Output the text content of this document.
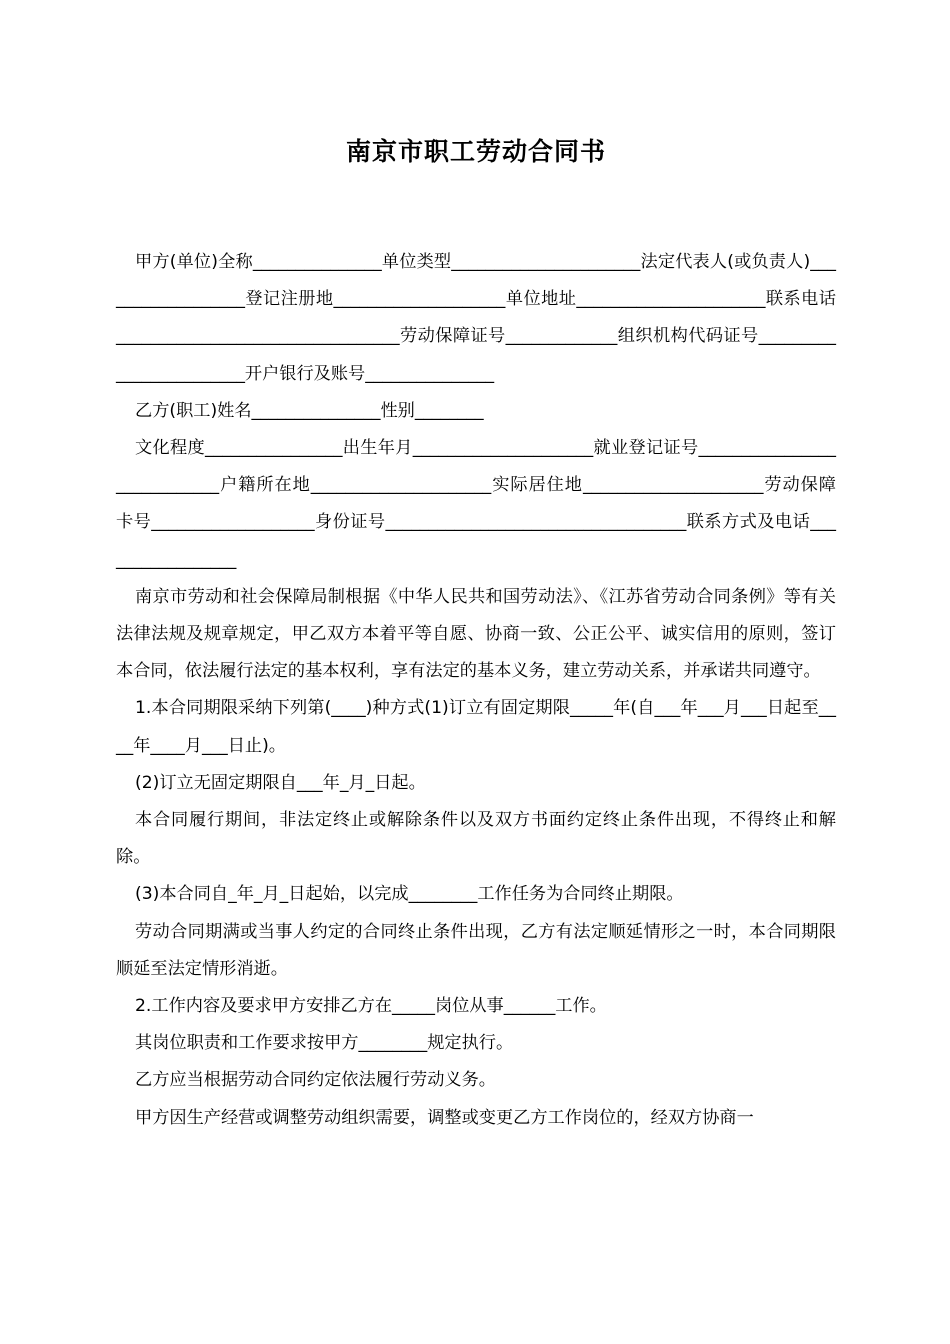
南京市职工劳动合同书

甲方(单位)全称_______________单位类型______________________法定代表人(或负责人)__________________登记注册地____________________单位地址______________________联系电话_________________________________劳动保障证号_____________组织机构代码证号________________________开户银行及账号_______________

乙方(职工)姓名_______________性别________

文化程度________________出生年月_____________________就业登记证号____________________________户籍所在地_____________________实际居住地_____________________劳动保障卡号___________________身份证号___________________________________联系方式及电话_________________

南京市劳动和社会保障局制根据《中华人民共和国劳动法》、《江苏省劳动合同条例》等有关法律法规及规章规定，甲乙双方本着平等自愿、协商一致、公正公平、诚实信用的原则，签订本合同，依法履行法定的基本权利，享有法定的基本义务，建立劳动关系，并承诺共同遵守。

1.本合同期限采纳下列第(____)种方式(1)订立有固定期限_____年(自___年___月___日起至____年____月___日止)。

(2)订立无固定期限自___年_月_日起。

本合同履行期间，非法定终止或解除条件以及双方书面约定终止条件出现，不得终止和解除。

(3)本合同自_年_月_日起始，以完成________工作任务为合同终止期限。

劳动合同期满或当事人约定的合同终止条件出现，乙方有法定顺延情形之一时，本合同期限顺延至法定情形消逝。

2.工作内容及要求甲方安排乙方在_____岗位从事______工作。

其岗位职责和工作要求按甲方________规定执行。

乙方应当根据劳动合同约定依法履行劳动义务。

甲方因生产经营或调整劳动组织需要，调整或变更乙方工作岗位的，经双方协商一
